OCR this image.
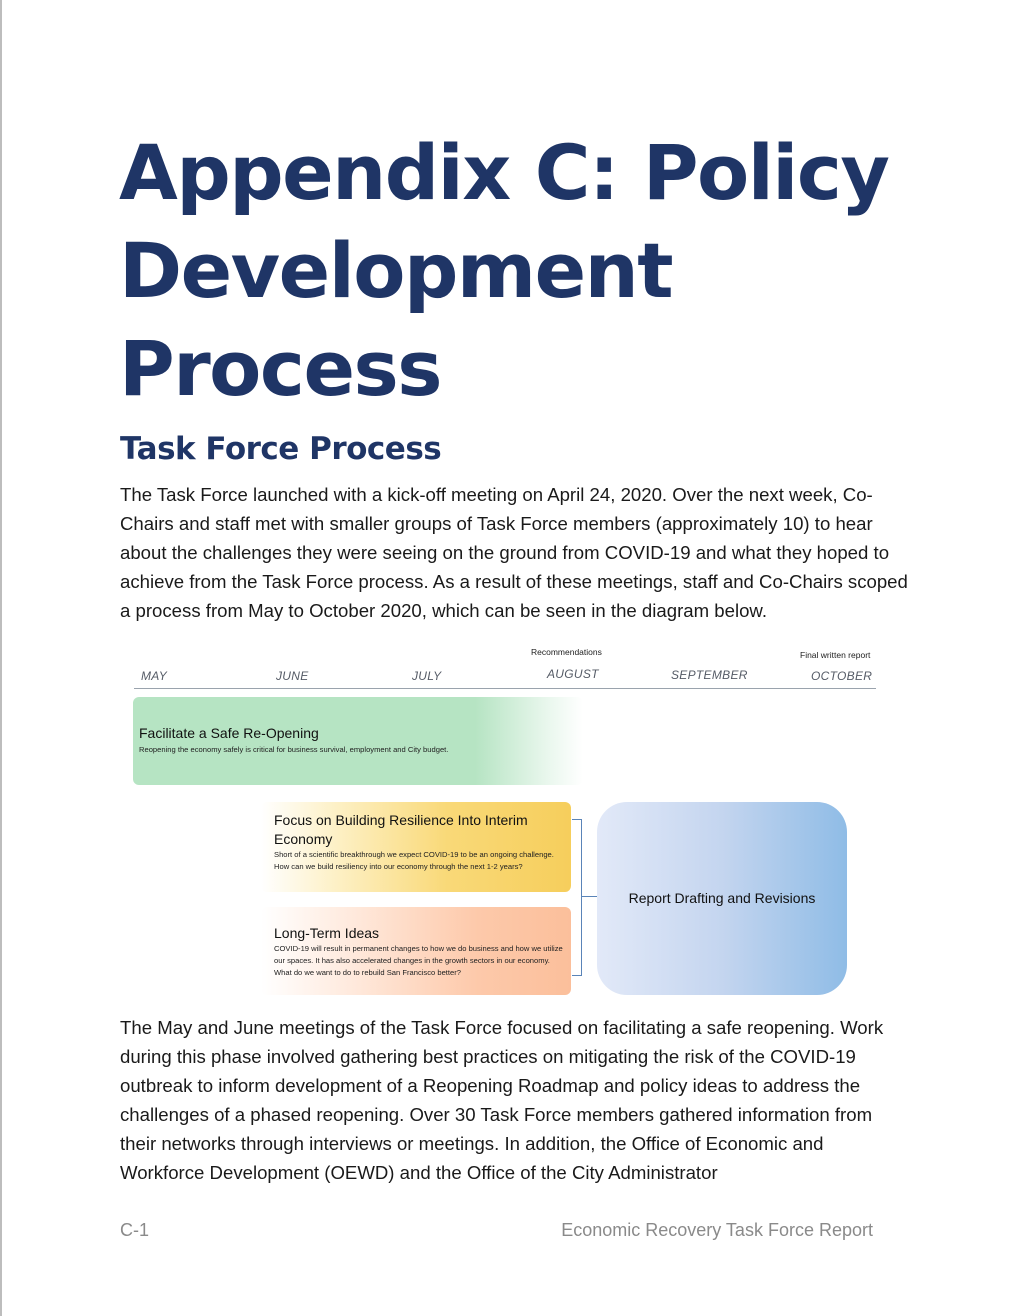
Appendix C: Policy
Development
Process
Task Force Process

The Task Force launched with a kick-off meeting on April 24, 2020. Over the next week, Co-Chairs and staff met with smaller groups of Task Force members (approximately 10) to hear about the challenges they were seeing on the ground from COVID-19 and what they hoped to achieve from the Task Force process. As a result of these meetings, staff and Co-Chairs scoped a process from May to October 2020, which can be seen in the diagram below.

Recommendations	Final written report
MAY	JUNE	JULY	AUGUST	SEPTEMBER	OCTOBER
Facilitate a Safe Re-Opening
Reopening the economy safely is critical for business survival, employment and City budget.
Focus on Building Resilience Into Interim Economy
Short of a scientific breakthrough we expect COVID-19 to be an ongoing challenge. How can we build resiliency into our economy through the next 1-2 years?
Long-Term Ideas
COVID-19 will result in permanent changes to how we do business and how we utilize our spaces. It has also accelerated changes in the growth sectors in our economy. What do we want to do to rebuild San Francisco better?
Report Drafting and Revisions

The May and June meetings of the Task Force focused on facilitating a safe reopening. Work during this phase involved gathering best practices on mitigating the risk of the COVID-19 outbreak to inform development of a Reopening Roadmap and policy ideas to address the challenges of a phased reopening. Over 30 Task Force members gathered information from their networks through interviews or meetings. In addition, the Office of Economic and Workforce Development (OEWD) and the Office of the City Administrator

C-1	Economic Recovery Task Force Report
